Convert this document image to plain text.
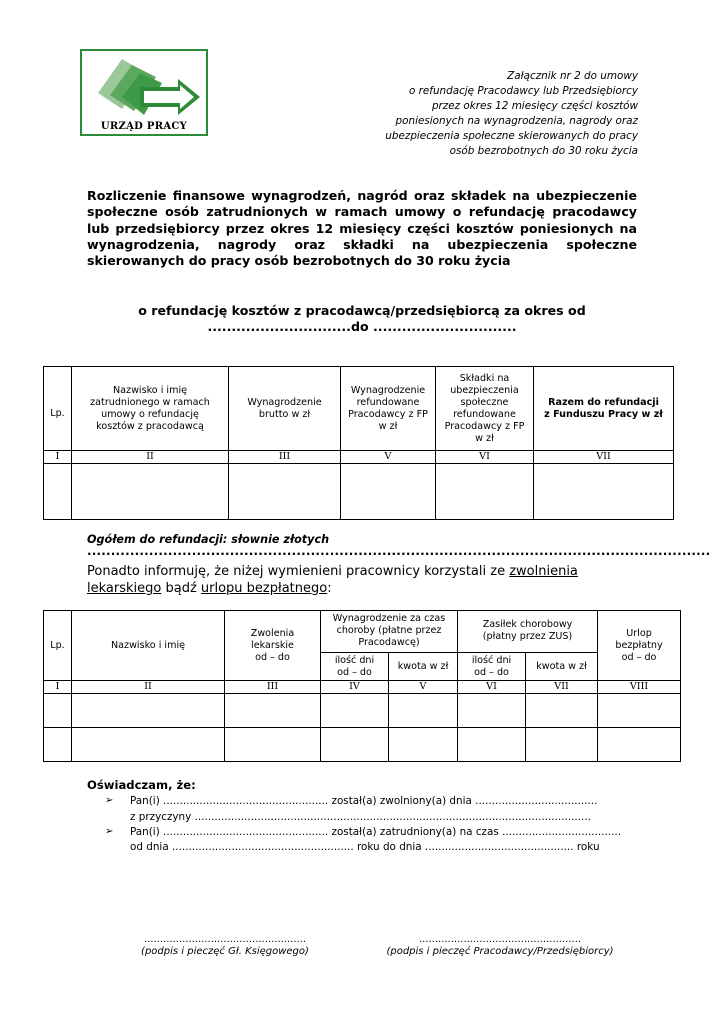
URZĄD PRACY
Załącznik nr 2 do umowy
o refundację Pracodawcy lub Przedsiębiorcy
przez okres 12 miesięcy części kosztów
poniesionych na wynagrodzenia, nagrody oraz
ubezpieczenia społeczne skierowanych do pracy
osób bezrobotnych do 30 roku życia
Rozliczenie finansowe wynagrodzeń, nagród oraz składek na ubezpieczenie społeczne osób zatrudnionych w ramach umowy o refundację pracodawcy lub przedsiębiorcy przez okres 12 miesięcy części kosztów poniesionych na wynagrodzenia, nagrody oraz składki na ubezpieczenia społeczne skierowanych do pracy osób bezrobotnych do 30 roku życia
o refundację kosztów z pracodawcą/przedsiębiorcą za okres od
..............................do ..............................
Lp.	Nazwisko i imię zatrudnionego w ramach umowy o refundację kosztów z pracodawcą	Wynagrodzenie brutto w zł	Wynagrodzenie refundowane Pracodawcy z FP w zł	Składki na ubezpieczenia społeczne refundowane Pracodawcy z FP w zł	Razem do refundacji
z Funduszu Pracy w zł

I	II	III	V	VI	VII

Ogółem do refundacji: słownie złotych
...................................................................................................................................
Ponadto informuję, że niżej wymienieni pracownicy korzystali ze zwolnienia lekarskiego bądź urlopu bezpłatnego:
Lp.	Nazwisko i imię	Zwolenia lekarskie od – do	Wynagrodzenie za czas choroby (płatne przez Pracodawcę)		Zasiłek chorobowy (płatny przez ZUS)		Urlop bezpłatny od – do
			ilość dni od – do	kwota w zł	ilość dni od – do	kwota w zł	
I	II	III	IV	V	VI	VII	VIII

Oświadczam, że:
➢ Pan(i) .................................................. został(a) zwolniony(a) dnia .....................................
z przyczyny ........................................................................................................................
➢ Pan(i) .................................................. został(a) zatrudniony(a) na czas ....................................
od dnia ....................................................... roku do dnia ............................................. roku
...................................................
(podpis i pieczęć Gł. Księgowego)
...................................................
(podpis i pieczęć Pracodawcy/Przedsiębiorcy)
